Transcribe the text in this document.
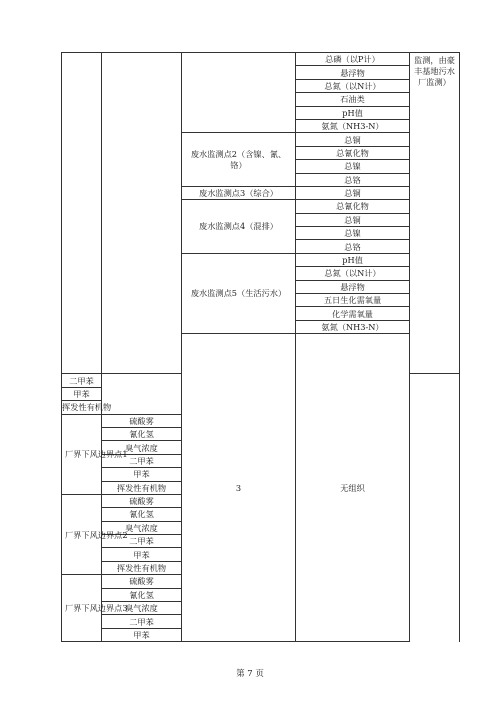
			总磷（以P计）	监测，由豪丰基地污水厂监测）	
			悬浮物		
			总氮（以N计）		
			石油类		
			pH值		
			氨氮（NH3-N）		
		废水监测点2（含镍、氰、铬）	总铜		
			总氰化物		
			总镍		
			总铬		
		废水监测点3（综合）	总铜		
		废水监测点4（混排）	总氰化物		
			总铜		
			总镍		
			总铬		
		废水监测点5（生活污水）	pH值		
			总氮（以N计）		
			悬浮物		
			五日生化需氧量		
			化学需氧量		
			氨氮（NH3-N）		
		3	无组织			

二甲苯					
甲苯					
挥发性有机物					
厂界下风边界点1	硫酸雾				
	氰化氢				
	臭气浓度				
	二甲苯				
	甲苯				
	挥发性有机物				
厂界下风边界点2	硫酸雾				
	氰化氢				
	臭气浓度				
	二甲苯				
	甲苯				
	挥发性有机物				
厂界下风边界点3	硫酸雾				
	氰化氢				
	臭气浓度				
	二甲苯				
	甲苯				
第 7 页
